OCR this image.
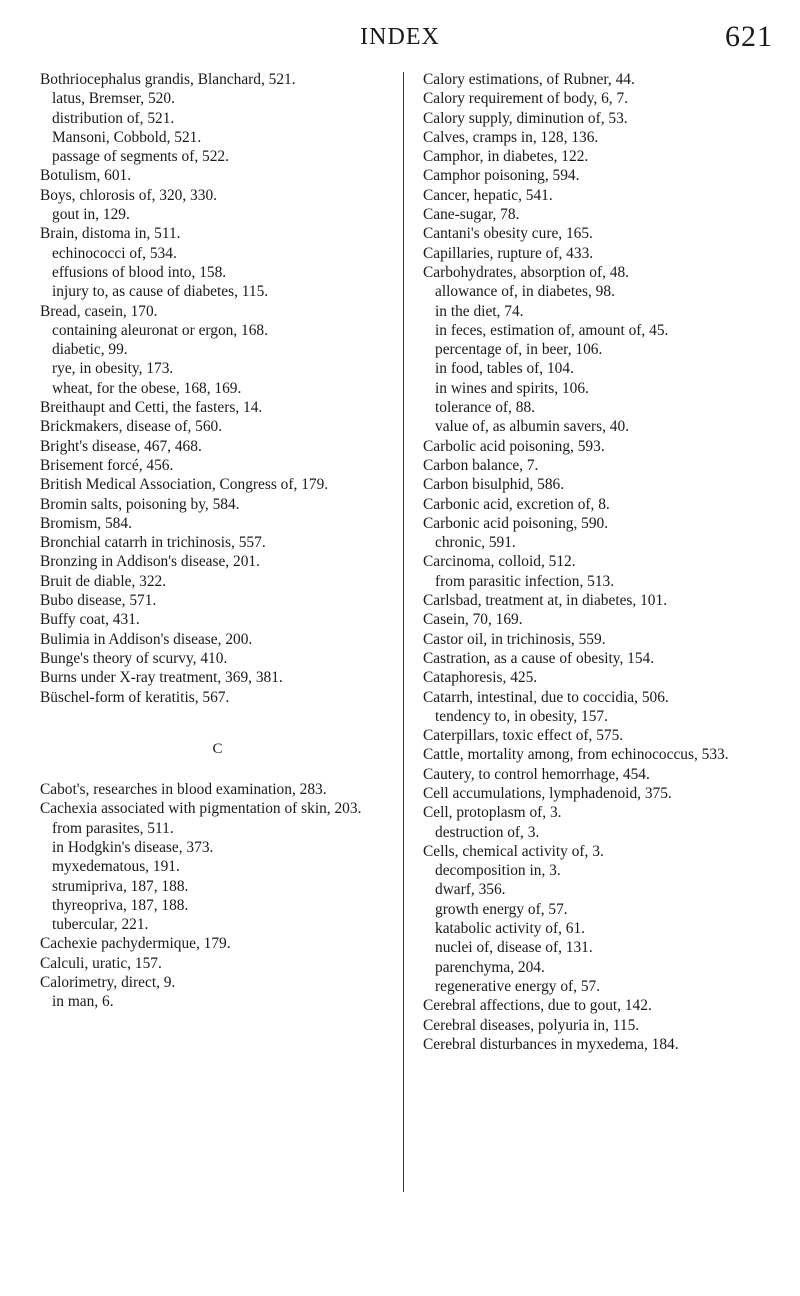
INDEX	621

Bothriocephalus grandis, Blanchard, 521.

latus, Bremser, 520.

distribution of, 521.

Mansoni, Cobbold, 521.

passage of segments of, 522.

Botulism, 601.

Boys, chlorosis of, 320, 330.

gout in, 129.

Brain, distoma in, 511.

echinococci of, 534.

effusions of blood into, 158.

injury to, as cause of diabetes, 115.

Bread, casein, 170.

containing aleuronat or ergon, 168.

diabetic, 99.

rye, in obesity, 173.

wheat, for the obese, 168, 169.

Breithaupt and Cetti, the fasters, 14.

Brickmakers, disease of, 560.

Bright's disease, 467, 468.

Brisement forcé, 456.

British Medical Association, Congress of, 179.

Bromin salts, poisoning by, 584.

Bromism, 584.

Bronchial catarrh in trichinosis, 557.

Bronzing in Addison's disease, 201.

Bruit de diable, 322.

Bubo disease, 571.

Buffy coat, 431.

Bulimia in Addison's disease, 200.

Bunge's theory of scurvy, 410.

Burns under X-ray treatment, 369, 381.

Büschel-form of keratitis, 567.

C

Cabot's, researches in blood examination, 283.

Cachexia associated with pigmentation of skin, 203.

from parasites, 511.

in Hodgkin's disease, 373.

myxedematous, 191.

strumipriva, 187, 188.

thyreopriva, 187, 188.

tubercular, 221.

Cachexie pachydermique, 179.

Calculi, uratic, 157.

Calorimetry, direct, 9.

in man, 6.

Calory estimations, of Rubner, 44.

Calory requirement of body, 6, 7.

Calory supply, diminution of, 53.

Calves, cramps in, 128, 136.

Camphor, in diabetes, 122.

Camphor poisoning, 594.

Cancer, hepatic, 541.

Cane-sugar, 78.

Cantani's obesity cure, 165.

Capillaries, rupture of, 433.

Carbohydrates, absorption of, 48.

allowance of, in diabetes, 98.

in the diet, 74.

in feces, estimation of, amount of, 45.

percentage of, in beer, 106.

in food, tables of, 104.

in wines and spirits, 106.

tolerance of, 88.

value of, as albumin savers, 40.

Carbolic acid poisoning, 593.

Carbon balance, 7.

Carbon bisulphid, 586.

Carbonic acid, excretion of, 8.

Carbonic acid poisoning, 590.

chronic, 591.

Carcinoma, colloid, 512.

from parasitic infection, 513.

Carlsbad, treatment at, in diabetes, 101.

Casein, 70, 169.

Castor oil, in trichinosis, 559.

Castration, as a cause of obesity, 154.

Cataphoresis, 425.

Catarrh, intestinal, due to coccidia, 506.

tendency to, in obesity, 157.

Caterpillars, toxic effect of, 575.

Cattle, mortality among, from echinococcus, 533.

Cautery, to control hemorrhage, 454.

Cell accumulations, lymphadenoid, 375.

Cell, protoplasm of, 3.

destruction of, 3.

Cells, chemical activity of, 3.

decomposition in, 3.

dwarf, 356.

growth energy of, 57.

katabolic activity of, 61.

nuclei of, disease of, 131.

parenchyma, 204.

regenerative energy of, 57.

Cerebral affections, due to gout, 142.

Cerebral diseases, polyuria in, 115.

Cerebral disturbances in myxedema, 184.
